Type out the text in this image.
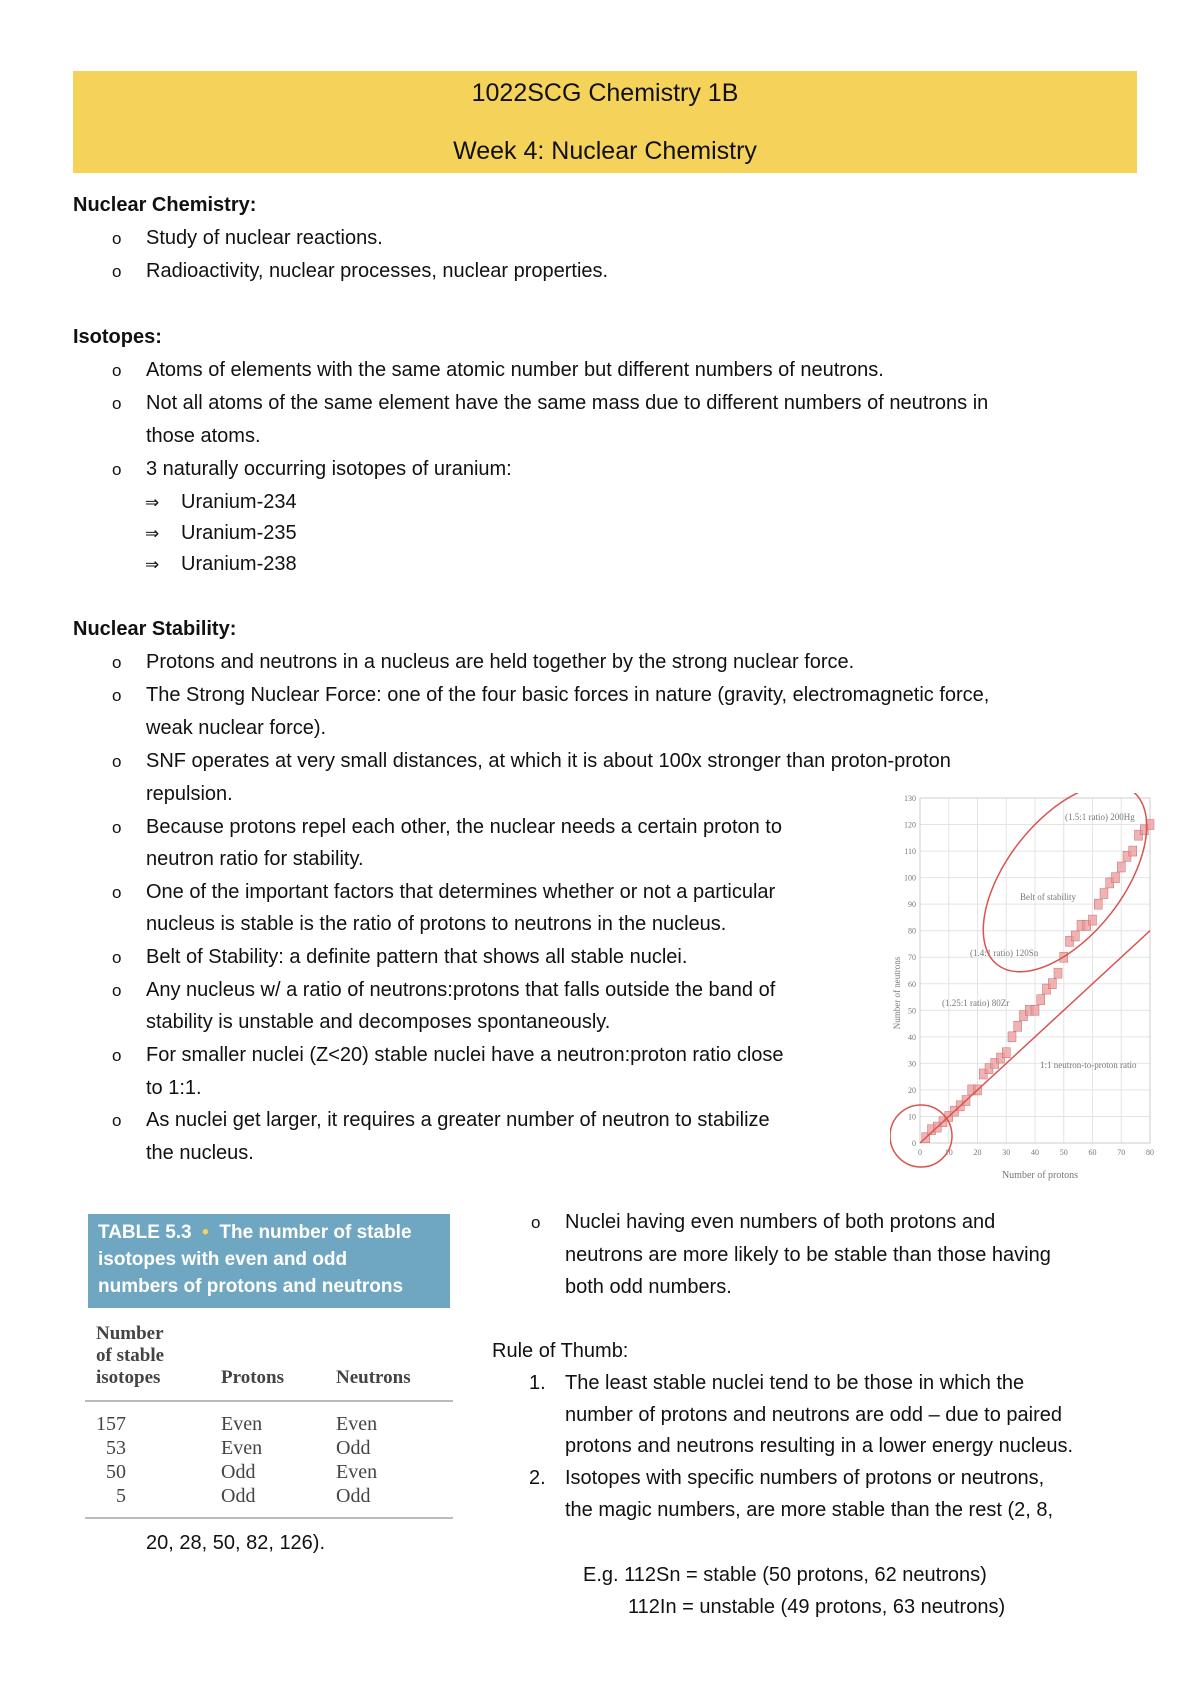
1022SCG Chemistry 1B
Week 4: Nuclear Chemistry
Nuclear Chemistry:
o Study of nuclear reactions.
o Radioactivity, nuclear processes, nuclear properties.
Isotopes:
o Atoms of elements with the same atomic number but different numbers of neutrons.
o Not all atoms of the same element have the same mass due to different numbers of neutrons in
those atoms.
o 3 naturally occurring isotopes of uranium:
⇒ Uranium-234
⇒ Uranium-235
⇒ Uranium-238
Nuclear Stability:
o Protons and neutrons in a nucleus are held together by the strong nuclear force.
o The Strong Nuclear Force: one of the four basic forces in nature (gravity, electromagnetic force,
weak nuclear force).
o SNF operates at very small distances, at which it is about 100x stronger than proton-proton
repulsion.
o Because protons repel each other, the nuclear needs a certain proton to
neutron ratio for stability.
o One of the important factors that determines whether or not a particular
nucleus is stable is the ratio of protons to neutrons in the nucleus.
o Belt of Stability: a definite pattern that shows all stable nuclei.
o Any nucleus w/ a ratio of neutrons:protons that falls outside the band of
stability is unstable and decomposes spontaneously.
o For smaller nuclei (Z<20) stable nuclei have a neutron:proton ratio close
to 1:1.
o As nuclei get larger, it requires a greater number of neutron to stabilize
the nucleus.	0
10
20
30
40
50
60
70
80
90
100
110
120
130
0	10	20	30	40	50	60	70	80
(1.5:1 ratio) 200Hg
Belt of stability
(1.4:1 ratio) 120Sn
(1.25:1 ratio) 80Zr
1:1 neutron-to-proton ratio
Number of protons
Number of neutrons
TABLE 5.3 • The number of stable
isotopes with even and odd
numbers of protons and neutrons
Number
of stable
isotopes	Protons	Neutrons
157	Even	Even
53	Even	Odd
50	Odd	Even
5	Odd	Odd
o Nuclei having even numbers of both protons and
neutrons are more likely to be stable than those having
both odd numbers.
Rule of Thumb:
1. The least stable nuclei tend to be those in which the
number of protons and neutrons are odd – due to paired
protons and neutrons resulting in a lower energy nucleus.
2. Isotopes with specific numbers of protons or neutrons,
the magic numbers, are more stable than the rest (2, 8,
20, 28, 50, 82, 126).
E.g. 112Sn = stable (50 protons, 62 neutrons)
112In = unstable (49 protons, 63 neutrons)
